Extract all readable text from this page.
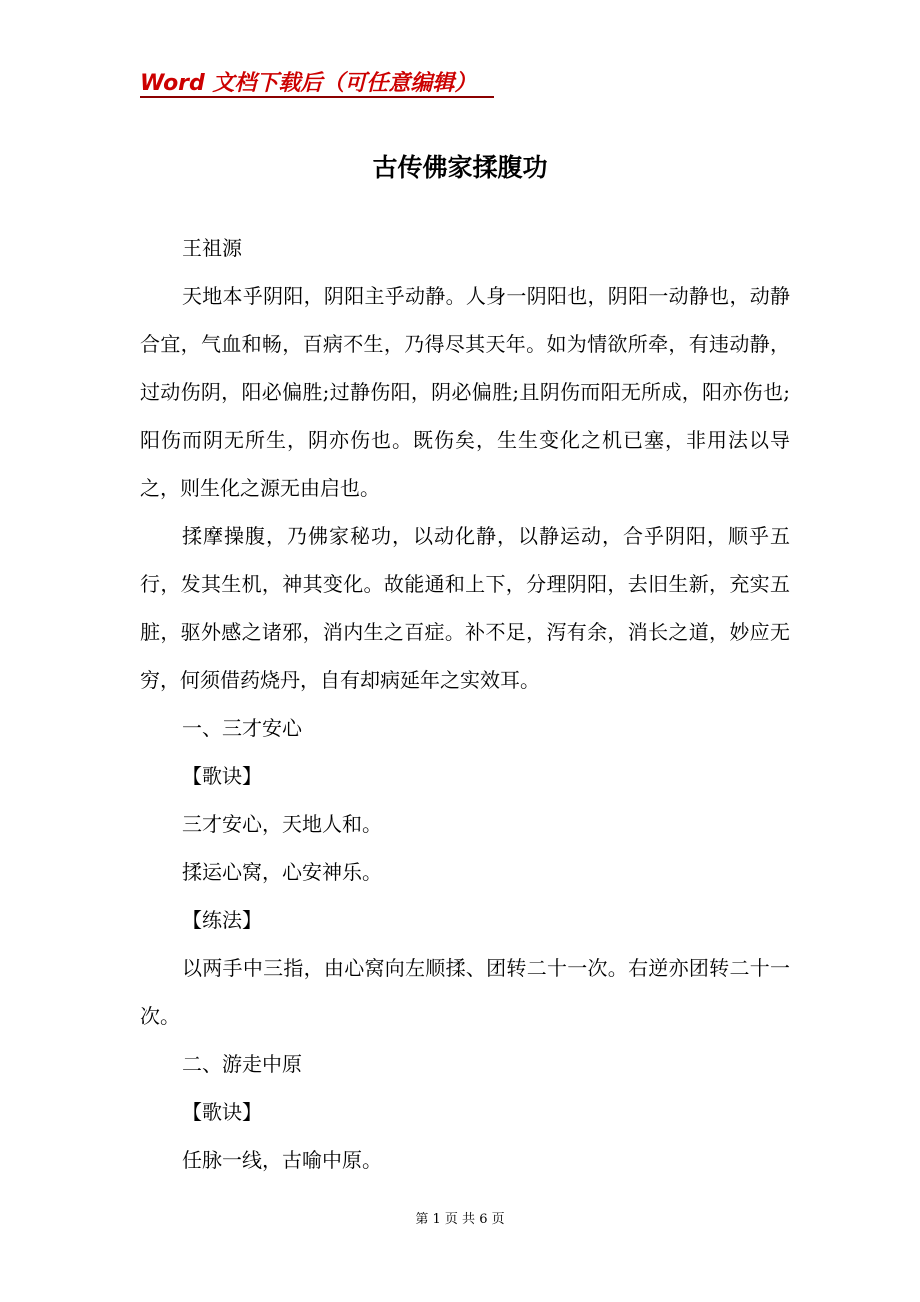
Word 文档下载后（可任意编辑）
古传佛家揉腹功

王祖源

天地本乎阴阳，阴阳主乎动静。人身一阴阳也，阴阳一动静也，动静合宜，气血和畅，百病不生，乃得尽其天年。如为情欲所牵，有违动静，过动伤阴，阳必偏胜;过静伤阳，阴必偏胜;且阴伤而阳无所成，阳亦伤也;阳伤而阴无所生，阴亦伤也。既伤矣，生生变化之机已塞，非用法以导之，则生化之源无由启也。

揉摩操腹，乃佛家秘功，以动化静，以静运动，合乎阴阳，顺乎五行，发其生机，神其变化。故能通和上下，分理阴阳，去旧生新，充实五脏，驱外感之诸邪，消内生之百症。补不足，泻有余，消长之道，妙应无穷，何须借药烧丹，自有却病延年之实效耳。

一、三才安心

【歌诀】

三才安心，天地人和。

揉运心窝，心安神乐。

【练法】

以两手中三指，由心窝向左顺揉、团转二十一次。右逆亦团转二十一次。

二、游走中原

【歌诀】

任脉一线，古喻中原。

第 1 页 共 6 页
